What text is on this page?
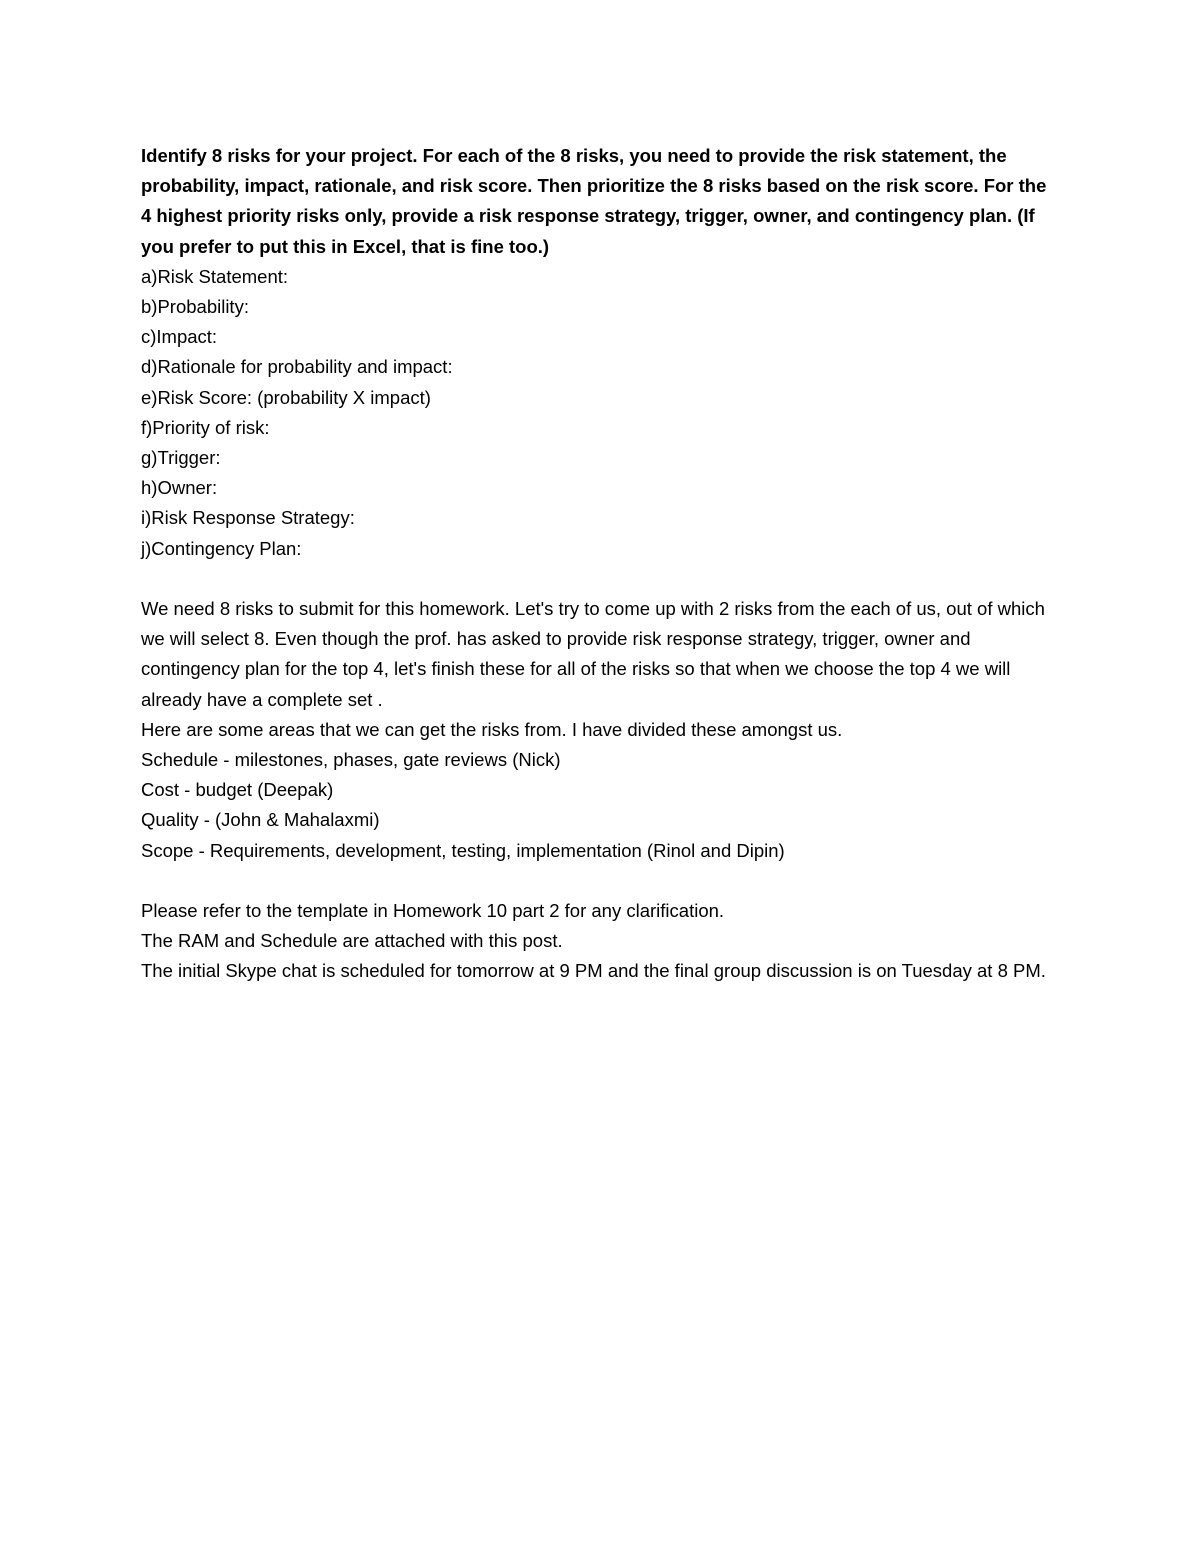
Identify 8 risks for your project. For each of the 8 risks, you need to provide the risk statement, the probability, impact, rationale, and risk score. Then prioritize the 8 risks based on the risk score. For the 4 highest priority risks only, provide a risk response strategy, trigger, owner, and contingency plan. (If you prefer to put this in Excel, that is fine too.)

a)Risk Statement:
b)Probability:
c)Impact:
d)Rationale for probability and impact:
e)Risk Score: (probability X impact)
f)Priority of risk:
g)Trigger:
h)Owner:
i)Risk Response Strategy:
j)Contingency Plan:

We need 8 risks to submit for this homework. Let's try to come up with 2 risks from the each of us, out of which we will select 8. Even though the prof. has asked to provide risk response strategy, trigger, owner and contingency plan for the top 4, let's finish these for all of the risks so that when we choose the top 4 we will already have a complete set .

Here are some areas that we can get the risks from. I have divided these amongst us.
Schedule - milestones, phases, gate reviews (Nick)
Cost - budget (Deepak)
Quality - (John & Mahalaxmi)
Scope - Requirements, development, testing, implementation (Rinol and Dipin)
Please refer to the template in Homework 10 part 2 for any clarification.
The RAM and Schedule are attached with this post.

The initial Skype chat is scheduled for tomorrow at 9 PM and the final group discussion is on Tuesday at 8 PM.
